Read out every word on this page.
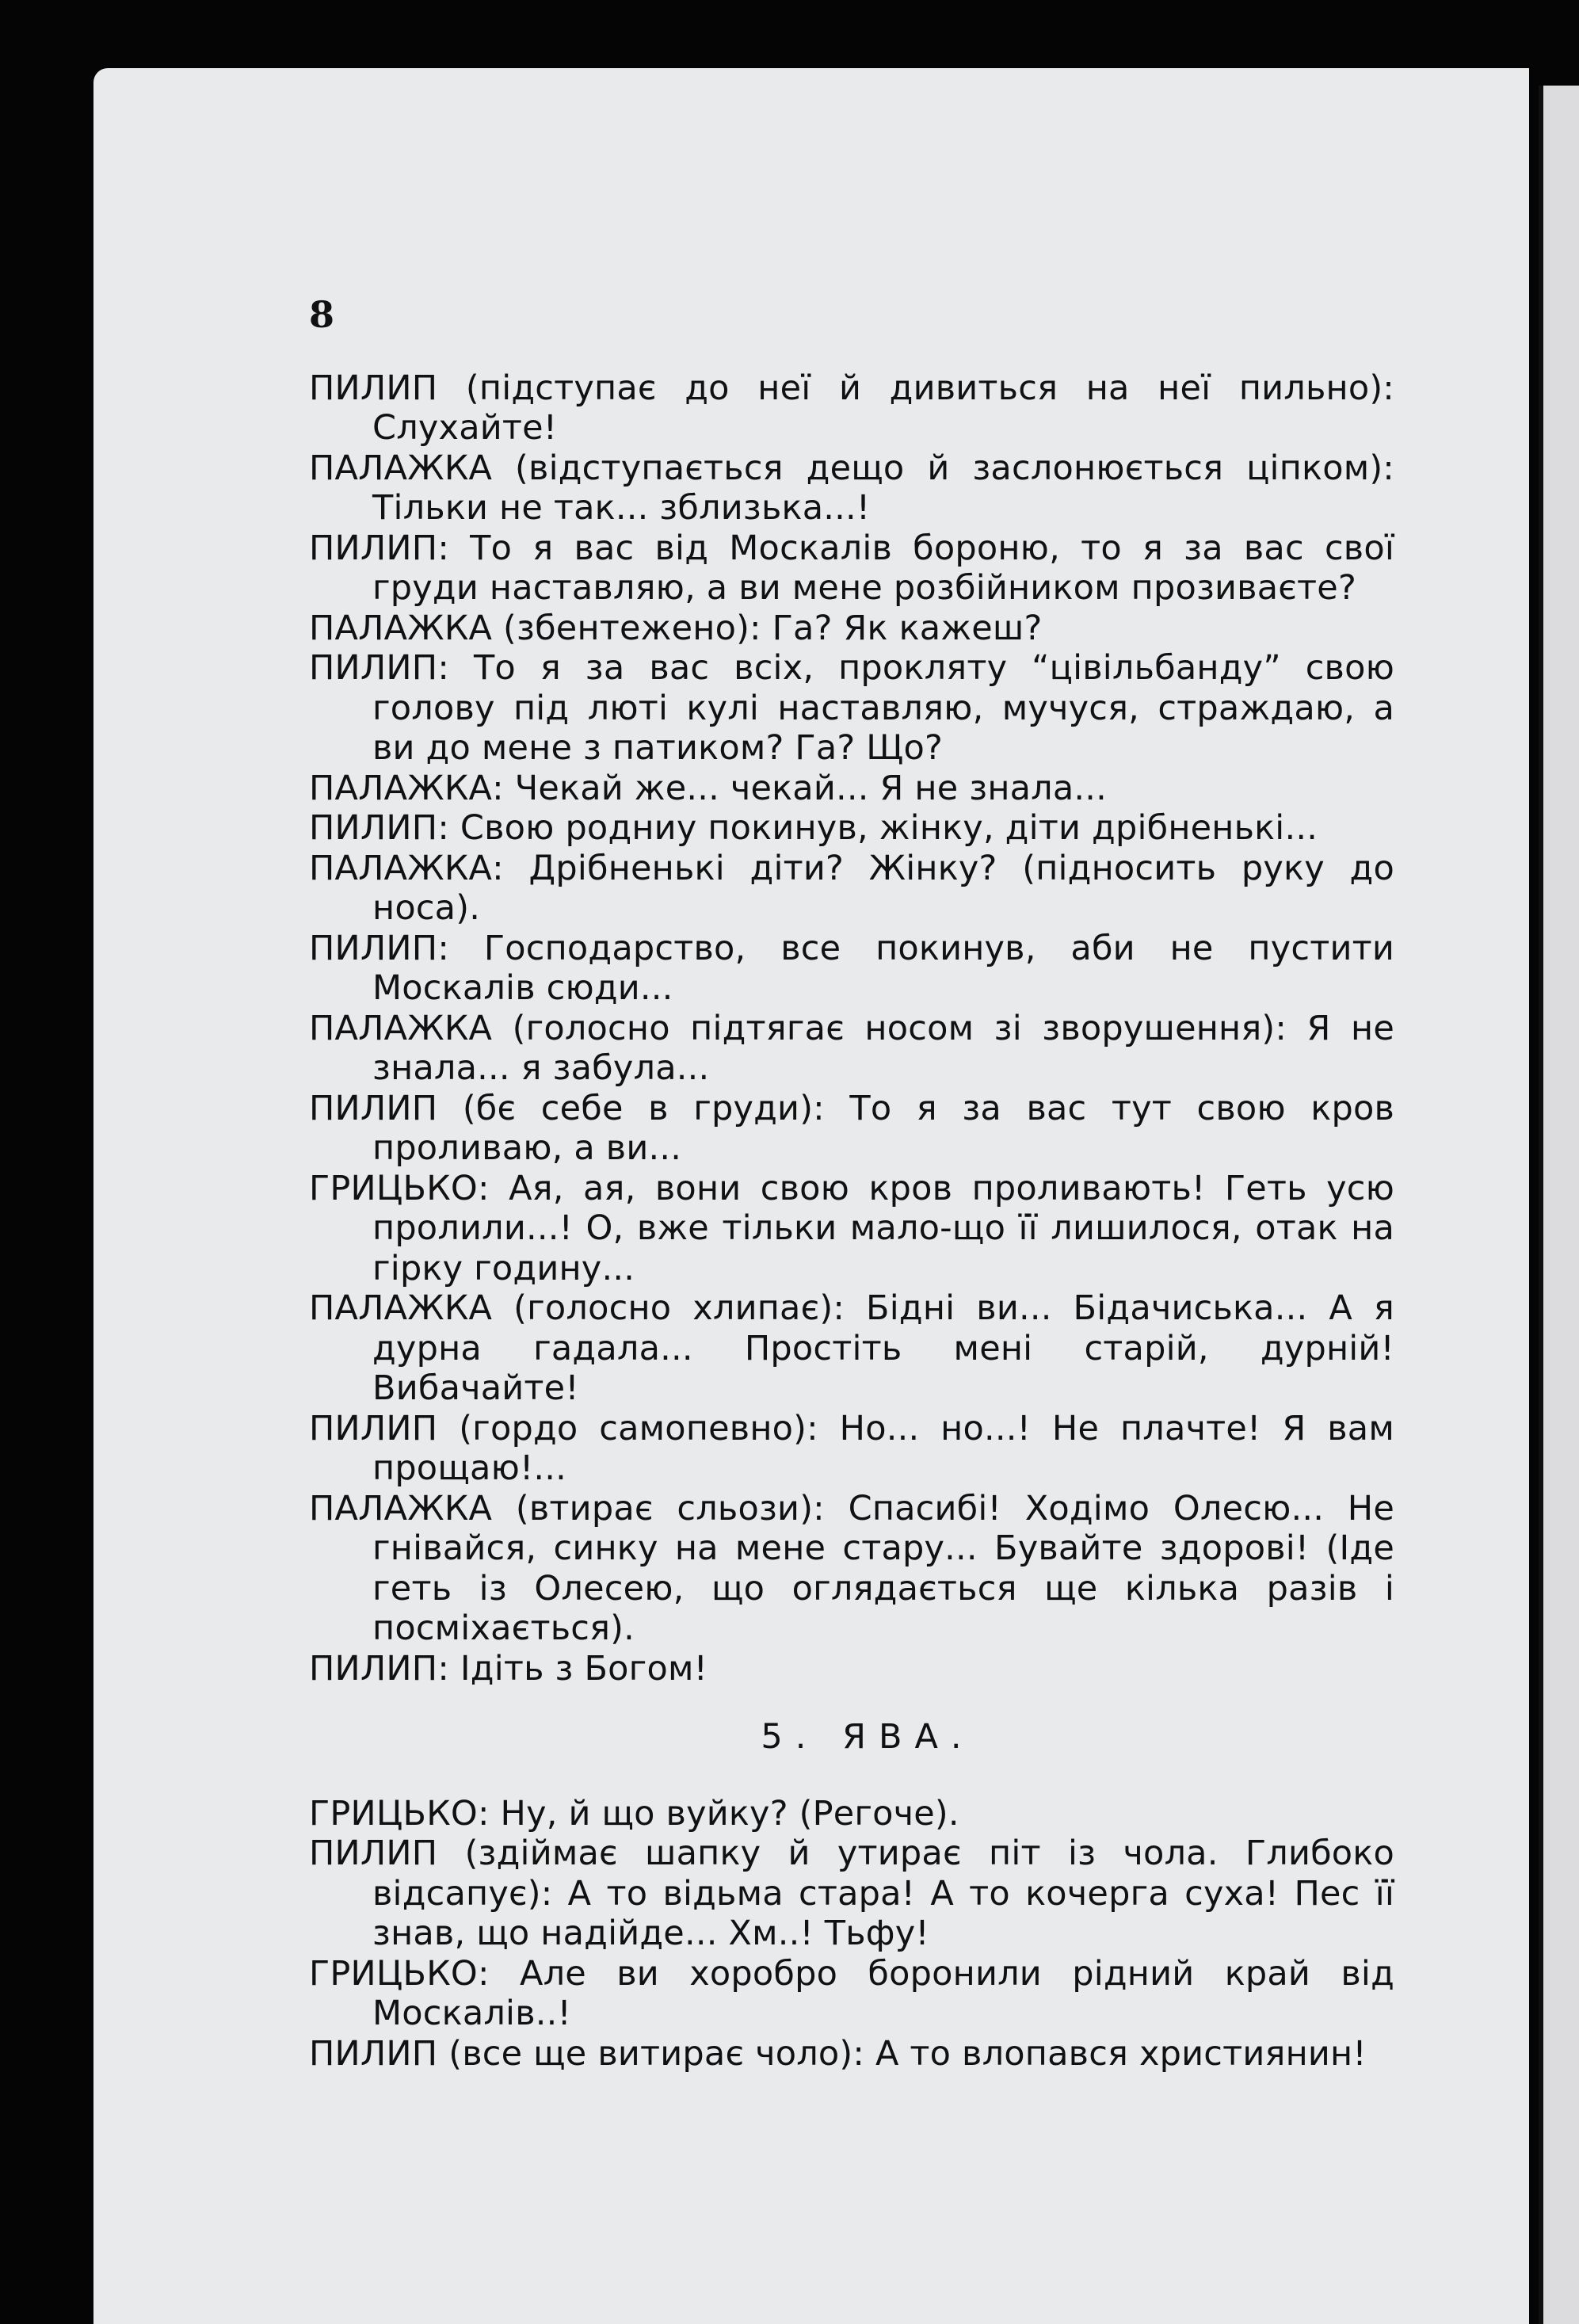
8
ПИЛИП (підступає до неї й дивиться на неї пильно): Слухайте!
ПАЛАЖКА (відступається дещо й заслонюється ціпком): Тільки не так... зблизька...!
ПИЛИП: То я вас від Москалів бороню, то я за вас свої груди наставляю, а ви мене розбійником прозиваєте?
ПАЛАЖКА (збентежено): Га? Як кажеш?
ПИЛИП: То я за вас всіх, прокляту “цівільбанду” свою голову під люті кулі наставляю, мучуся, страждаю, а ви до мене з патиком? Га? Що?
ПАЛАЖКА: Чекай же... чекай... Я не знала...
ПИЛИП: Свою родниу покинув, жінку, діти дрібненькі...
ПАЛАЖКА: Дрібненькі діти? Жінку? (підносить руку до носа).
ПИЛИП: Господарство, все покинув, аби не пустити Москалів сюди...
ПАЛАЖКА (голосно підтягає носом зі зворушення): Я не знала... я забула...
ПИЛИП (бє себе в груди): То я за вас тут свою кров проливаю, а ви...
ГРИЦЬКО: Ая, ая, вони свою кров проливають! Геть усю пролили...! О, вже тільки мало-що її лишилося, отак на гірку годину...
ПАЛАЖКА (голосно хлипає): Бідні ви... Бідачиська... А я дурна гадала... Простіть мені старій, дурній! Вибачайте!
ПИЛИП (гордо самопевно): Но... но...! Не плачте! Я вам прощаю!...
ПАЛАЖКА (втирає сльози): Спасибі! Ходімо Олесю... Не гнівайся, синку на мене стару... Бувайте здорові! (Іде геть із Олесею, що оглядається ще кілька разів і посміхається).
ПИЛИП: Ідіть з Богом!
5. ЯВА.
ГРИЦЬКО: Ну, й що вуйку? (Регоче).
ПИЛИП (здіймає шапку й утирає піт із чола. Глибоко відсапує): А то відьма стара! А то кочерга суха! Пес її знав, що надійде... Хм..! Тьфу!
ГРИЦЬКО: Але ви хоробро боронили рідний край від Москалів..!
ПИЛИП (все ще витирає чоло): А то влопався християнин!
